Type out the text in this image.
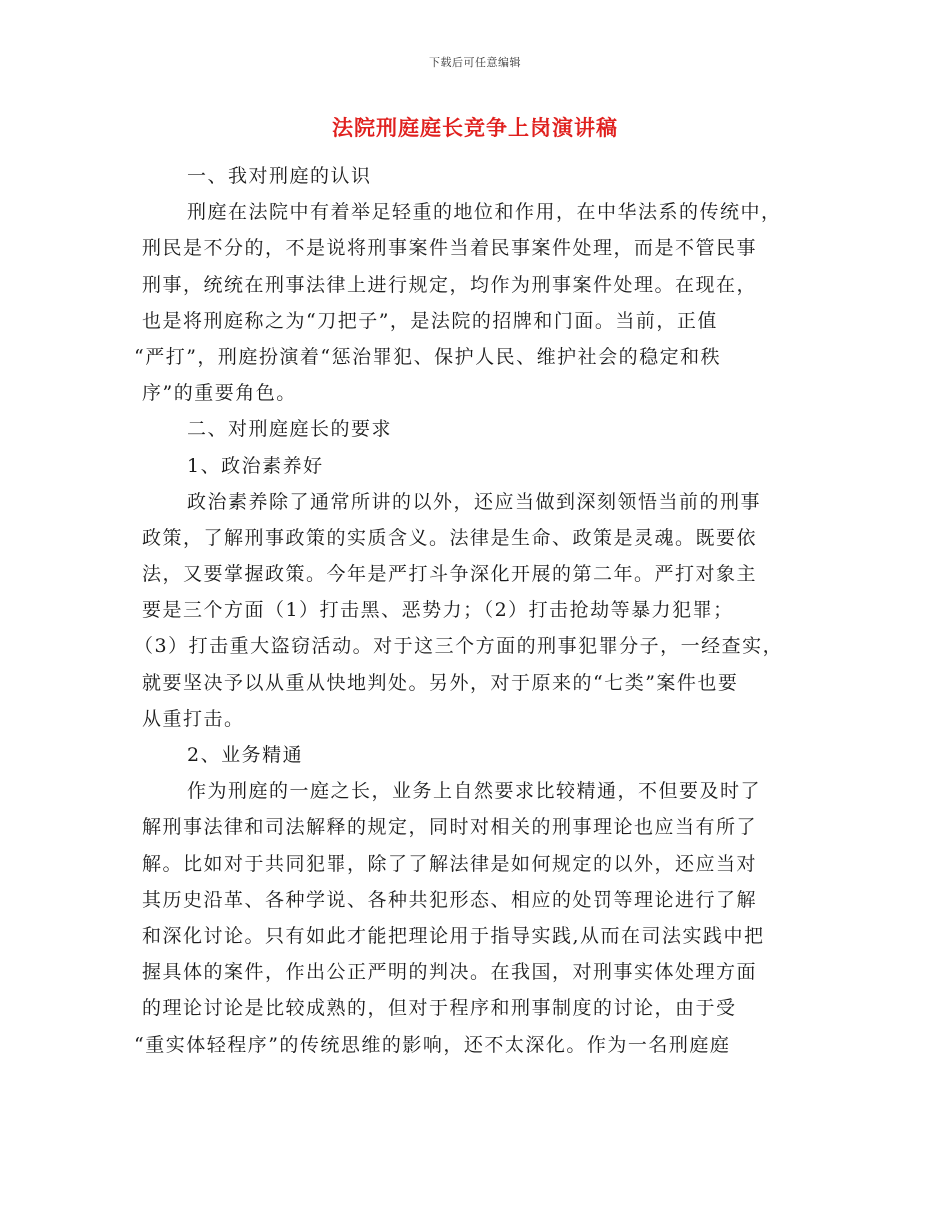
下载后可任意编辑
法院刑庭庭长竞争上岗演讲稿
一、我对刑庭的认识
刑庭在法院中有着举足轻重的地位和作用，在中华法系的传统中，
刑民是不分的，不是说将刑事案件当着民事案件处理，而是不管民事
刑事，统统在刑事法律上进行规定，均作为刑事案件处理。在现在，
也是将刑庭称之为“刀把子”，是法院的招牌和门面。当前，正值
“严打”，刑庭扮演着“惩治罪犯、保护人民、维护社会的稳定和秩
序”的重要角色。
二、对刑庭庭长的要求
1、政治素养好
政治素养除了通常所讲的以外，还应当做到深刻领悟当前的刑事
政策，了解刑事政策的实质含义。法律是生命、政策是灵魂。既要依
法，又要掌握政策。今年是严打斗争深化开展的第二年。严打对象主
要是三个方面（1）打击黑、恶势力；（2）打击抢劫等暴力犯罪；
（3）打击重大盗窃活动。对于这三个方面的刑事犯罪分子，一经查实，
就要坚决予以从重从快地判处。另外，对于原来的“七类”案件也要
从重打击。
2、业务精通
作为刑庭的一庭之长，业务上自然要求比较精通，不但要及时了
解刑事法律和司法解释的规定，同时对相关的刑事理论也应当有所了
解。比如对于共同犯罪，除了了解法律是如何规定的以外，还应当对
其历史沿革、各种学说、各种共犯形态、相应的处罚等理论进行了解
和深化讨论。只有如此才能把理论用于指导实践,从而在司法实践中把
握具体的案件，作出公正严明的判决。在我国，对刑事实体处理方面
的理论讨论是比较成熟的，但对于程序和刑事制度的讨论，由于受
“重实体轻程序”的传统思维的影响，还不太深化。作为一名刑庭庭
